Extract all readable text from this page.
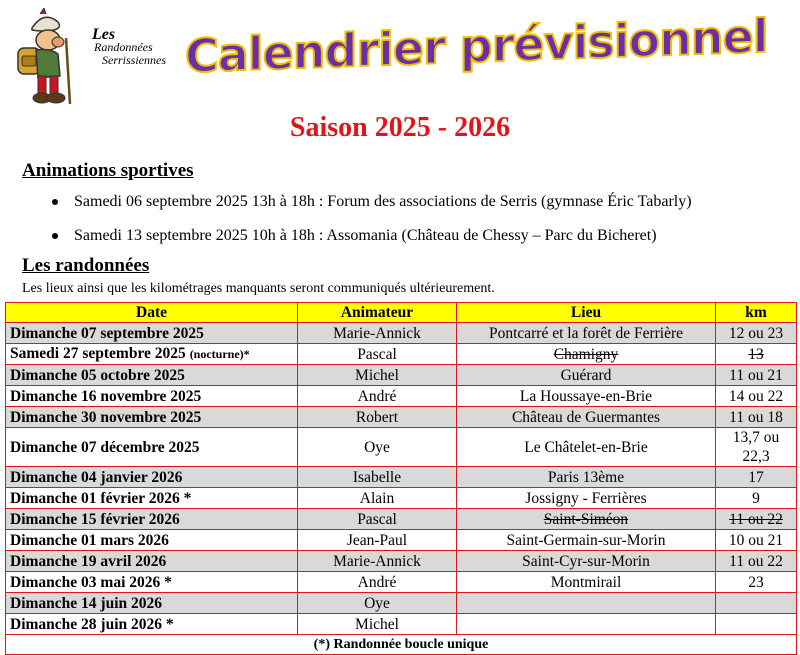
Les
Randonnées
Serrissiennes Calendrier prévisionnel
Saison 2025 - 2026
Animations sportives
Samedi 06 septembre 2025 13h à 18h : Forum des associations de Serris (gymnase Éric Tabarly)
Samedi 13 septembre 2025 10h à 18h : Assomania (Château de Chessy – Parc du Bicheret)
Les randonnées
Les lieux ainsi que les kilométrages manquants seront communiqués ultérieurement.
Date	Animateur	Lieu	km
Dimanche 07 septembre 2025	Marie-Annick	Pontcarré et la forêt de Ferrière	12 ou 23
Samedi 27 septembre 2025 (nocturne)*	Pascal	Chamigny	13
Dimanche 05 octobre 2025	Michel	Guérard	11 ou 21
Dimanche 16 novembre 2025	André	La Houssaye-en-Brie	14 ou 22
Dimanche 30 novembre 2025	Robert	Château de Guermantes	11 ou 18
Dimanche 07 décembre 2025	Oye	Le Châtelet-en-Brie	13,7 ou 22,3
Dimanche 04 janvier 2026	Isabelle	Paris 13ème	17
Dimanche 01 février 2026 *	Alain	Jossigny - Ferrières	9
Dimanche 15 février 2026	Pascal	Saint-Siméon	11 ou 22
Dimanche 01 mars 2026	Jean-Paul	Saint-Germain-sur-Morin	10 ou 21
Dimanche 19 avril 2026	Marie-Annick	Saint-Cyr-sur-Morin	11 ou 22
Dimanche 03 mai 2026 *	André	Montmirail	23
Dimanche 14 juin 2026	Oye		
Dimanche 28 juin 2026 *	Michel		
(*) Randonnée boucle unique			
